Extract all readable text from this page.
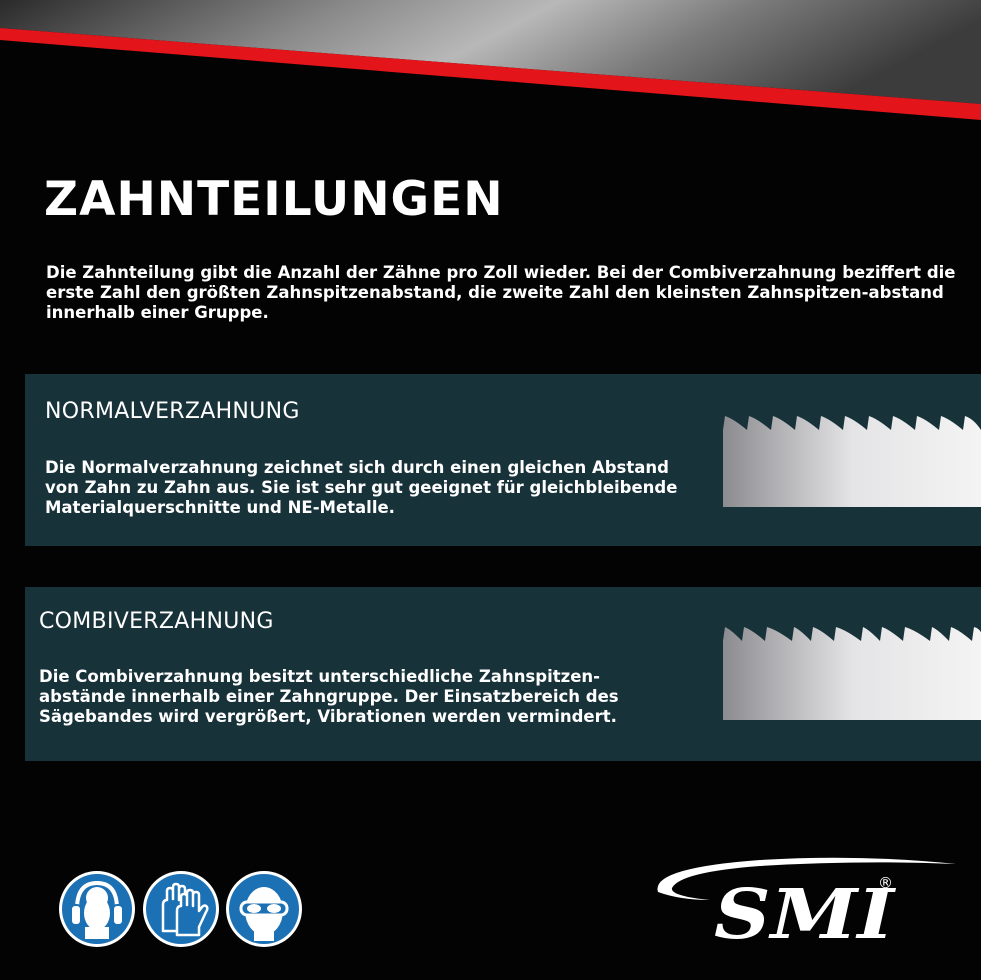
ZAHNTEILUNGEN

Die Zahnteilung gibt die Anzahl der Zähne pro Zoll wieder. Bei der Combiverzahnung beziffert die erste Zahl den größten Zahnspitzenabstand, die zweite Zahl den kleinsten Zahnspitzen-abstand innerhalb einer Gruppe.

NORMALVERZAHNUNG

Die Normalverzahnung zeichnet sich durch einen gleichen Abstand von Zahn zu Zahn aus. Sie ist sehr gut geeignet für gleichbleibende Materialquerschnitte und NE-Metalle.

COMBIVERZAHNUNG

Die Combiverzahnung besitzt unterschiedliche Zahnspitzen-abstände innerhalb einer Zahngruppe. Der Einsatzbereich des Sägebandes wird vergrößert, Vibrationen werden vermindert.

SMI
®
